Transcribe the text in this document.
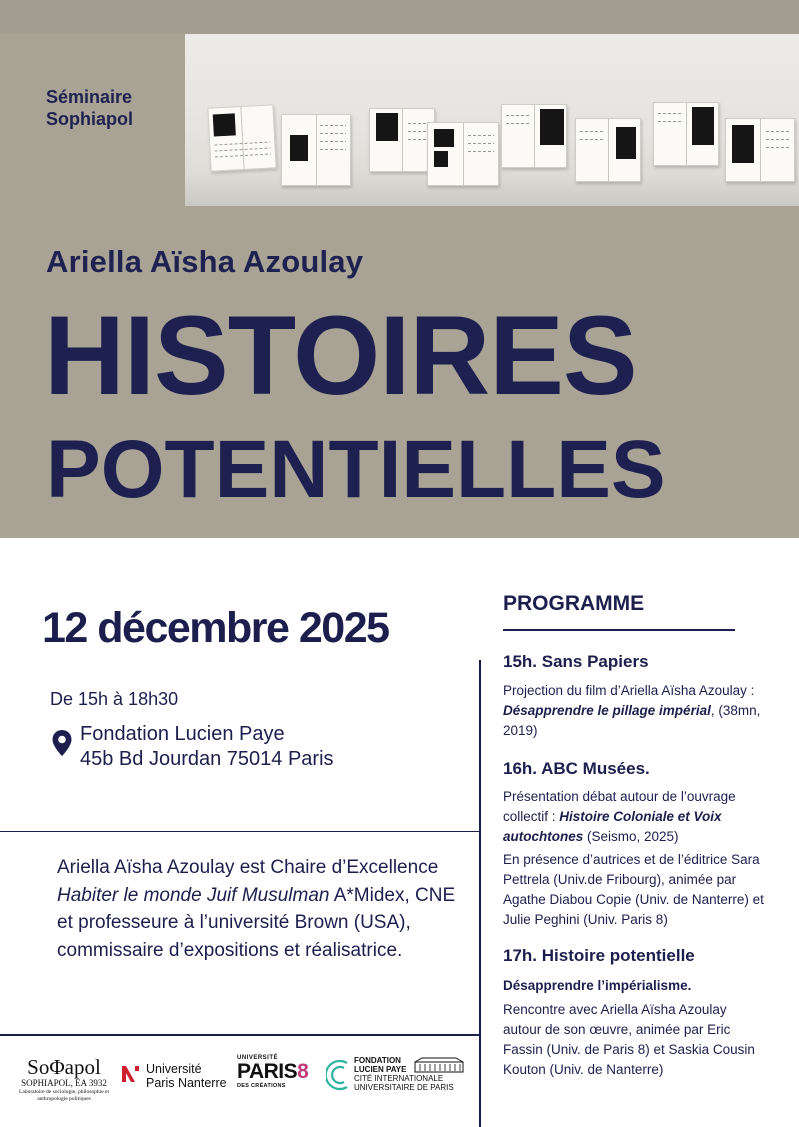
Séminaire
Sophiapol
Ariella Aïsha Azoulay
HISTOIRES
POTENTIELLES
12 décembre 2025
De 15h à 18h30
Fondation Lucien Paye
45b Bd Jourdan 75014 Paris
Ariella Aïsha Azoulay est Chaire d’Excellence Habiter le monde Juif Musulman A*Midex, CNE et professeure à l’université Brown (USA), commissaire d’expositions et réalisatrice.
PROGRAMME
15h. Sans Papiers
Projection du film d’Ariella Aïsha Azoulay : Désapprendre le pillage impérial, (38mn, 2019)
16h. ABC Musées.
Présentation débat autour de l’ouvrage collectif : Histoire Coloniale et Voix autochtones (Seismo, 2025)
En présence d’autrices et de l’éditrice Sara Pettrela (Univ.de Fribourg), animée par Agathe Diabou Copie (Univ. de Nanterre) et Julie Peghini (Univ. Paris 8)
17h. Histoire potentielle
Désapprendre l’impérialisme.
Rencontre avec Ariella Aïsha Azoulay autour de son œuvre, animée par Eric Fassin (Univ. de Paris 8) et Saskia Cousin Kouton (Univ. de Nanterre)
SoΦapol
SOPHIAPOL, EA 3932
Laboratoire de sociologie, philosophie et anthropologie politiques
Université
Paris Nanterre
UNIVERSITÉ
PARIS8
DES CRÉATIONS
FONDATION
LUCIEN PAYE
CITÉ INTERNATIONALE
UNIVERSITAIRE DE PARIS
